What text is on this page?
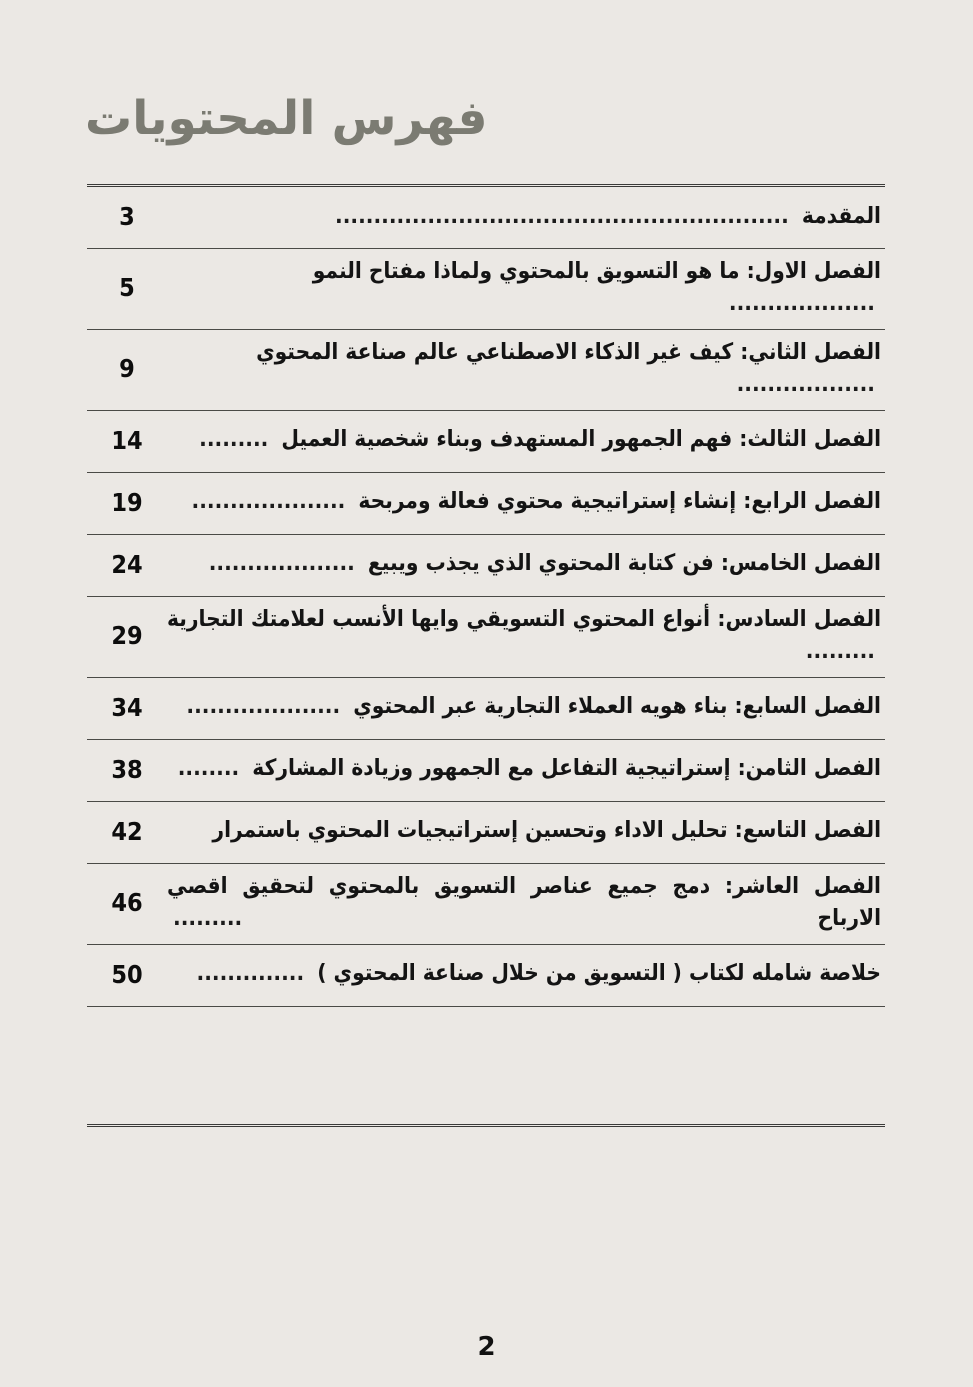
فهرس المحتويات
المقدمة ...........................................................
3
الفصل الاول: ما هو التسويق بالمحتوي ولماذا مفتاح النمو ...................
5
الفصل الثاني: كيف غير الذكاء الاصطناعي عالم صناعة المحتوي ..................
9
الفصل الثالث: فهم الجمهور المستهدف وبناء شخصية العميل .........
14
الفصل الرابع: إنشاء إستراتيجية محتوي فعالة ومربحة ....................
19
الفصل الخامس: فن كتابة المحتوي الذي يجذب ويبيع ...................
24
الفصل السادس: أنواع المحتوي التسويقي وايها الأنسب لعلامتك التجارية .........
29
الفصل السابع: بناء هويه العملاء التجارية عبر المحتوي ....................
34
الفصل الثامن: إستراتيجية التفاعل مع الجمهور وزيادة المشاركة ........
38
الفصل التاسع: تحليل الاداء وتحسين إستراتيجيات المحتوي باستمرار
42
الفصل العاشر: دمج جميع عناصر التسويق بالمحتوي لتحقيق اقصي الارباح .........
46
خلاصة شامله لكتاب ( التسويق من خلال صناعة المحتوي ) ..............
50
2
